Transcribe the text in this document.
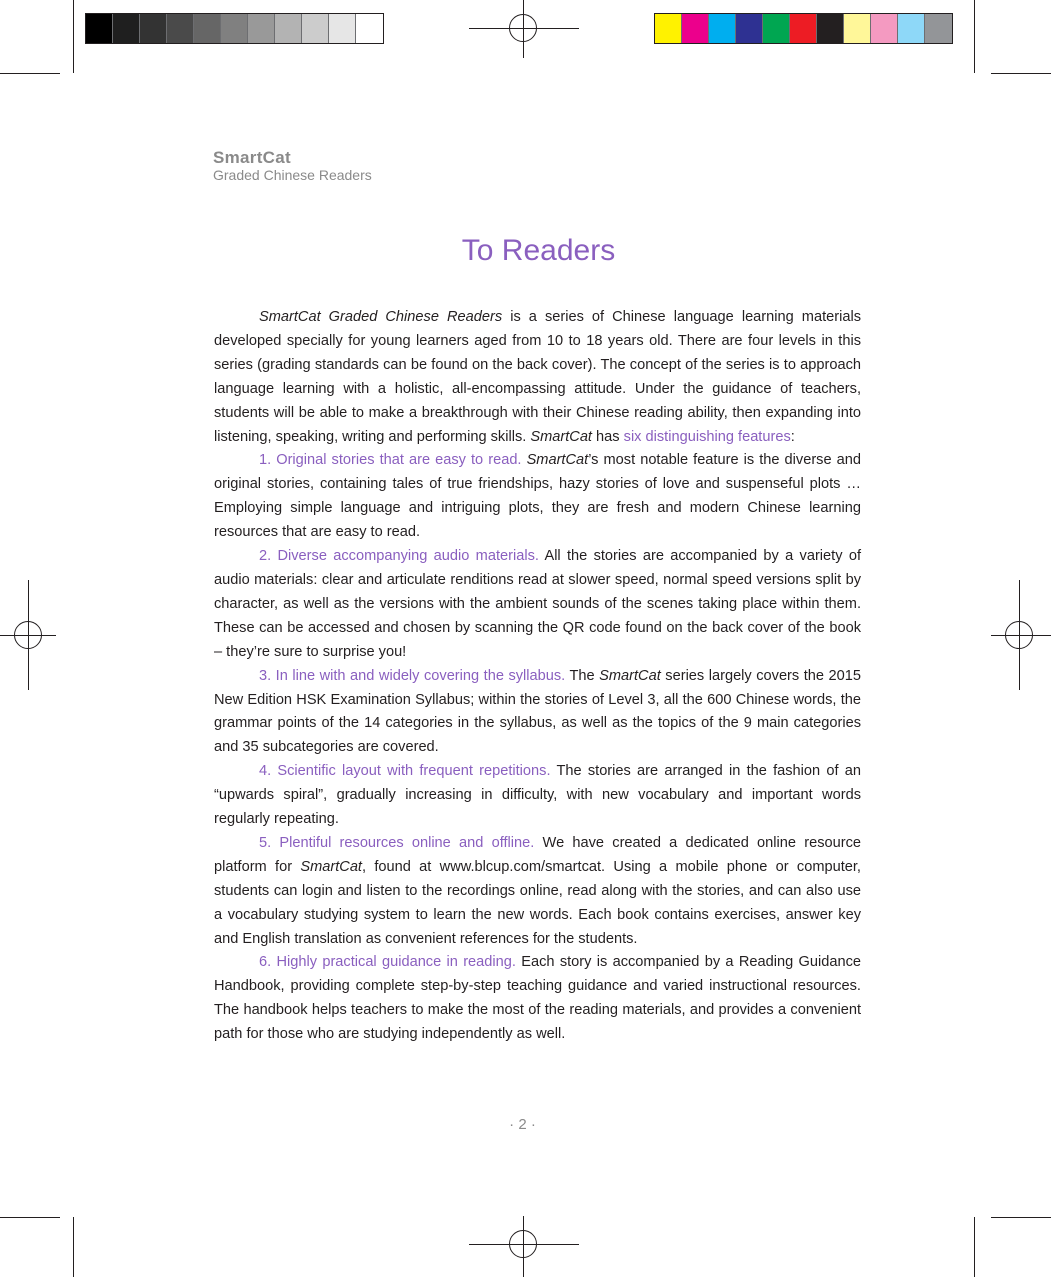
SmartCat
Graded Chinese Readers
To Readers

SmartCat Graded Chinese Readers is a series of Chinese language learning materials developed specially for young learners aged from 10 to 18 years old. There are four levels in this series (grading standards can be found on the back cover). The concept of the series is to approach language learning with a holistic, all-encompassing attitude. Under the guidance of teachers, students will be able to make a breakthrough with their Chinese reading ability, then expanding into listening, speaking, writing and performing skills. SmartCat has six distinguishing features:

1. Original stories that are easy to read. SmartCat’s most notable feature is the diverse and original stories, containing tales of true friendships, hazy stories of love and suspenseful plots … Employing simple language and intriguing plots, they are fresh and modern Chinese learning resources that are easy to read.

2. Diverse accompanying audio materials. All the stories are accompanied by a variety of audio materials: clear and articulate renditions read at slower speed, normal speed versions split by character, as well as the versions with the ambient sounds of the scenes taking place within them. These can be accessed and chosen by scanning the QR code found on the back cover of the book – they’re sure to surprise you!

3. In line with and widely covering the syllabus. The SmartCat series largely covers the 2015 New Edition HSK Examination Syllabus; within the stories of Level 3, all the 600 Chinese words, the grammar points of the 14 categories in the syllabus, as well as the topics of the 9 main categories and 35 subcategories are covered.

4. Scientific layout with frequent repetitions. The stories are arranged in the fashion of an “upwards spiral”, gradually increasing in difficulty, with new vocabulary and important words regularly repeating.

5. Plentiful resources online and offline. We have created a dedicated online resource platform for SmartCat, found at www.blcup.com/smartcat. Using a mobile phone or computer, students can login and listen to the recordings online, read along with the stories, and can also use a vocabulary studying system to learn the new words. Each book contains exercises, answer key and English translation as convenient references for the students.

6. Highly practical guidance in reading. Each story is accompanied by a Reading Guidance Handbook, providing complete step-by-step teaching guidance and varied instructional resources. The handbook helps teachers to make the most of the reading materials, and provides a convenient path for those who are studying independently as well.

· 2 ·
